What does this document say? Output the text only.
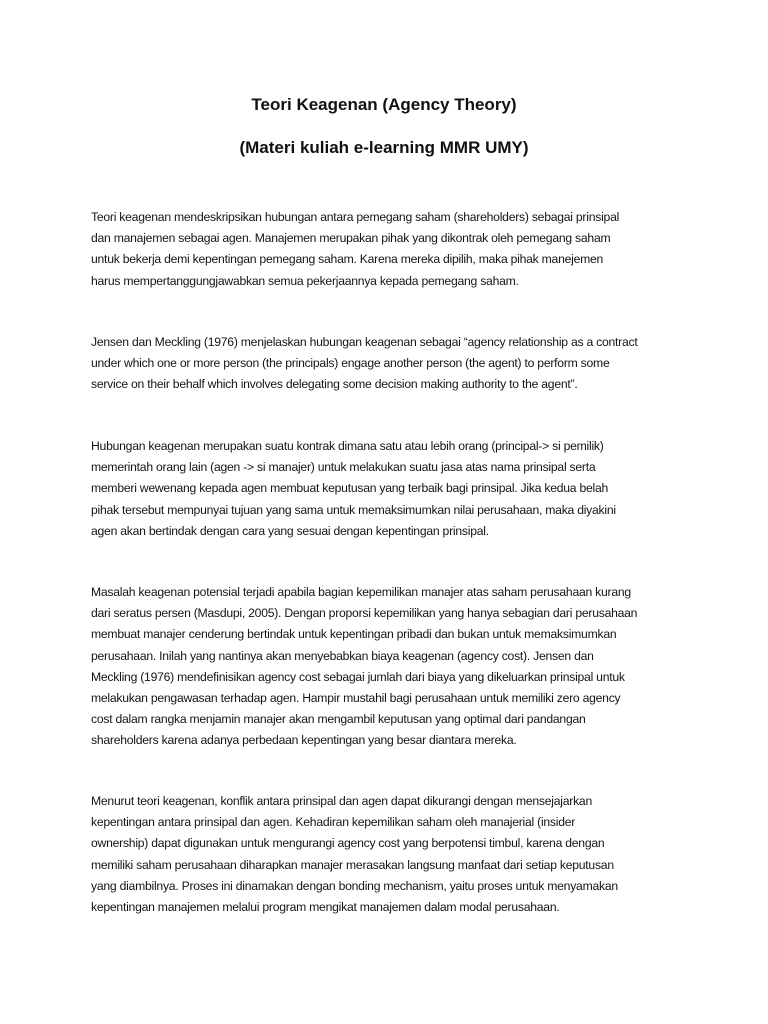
Teori Keagenan (Agency Theory)
(Materi kuliah e-learning MMR UMY)
Teori keagenan mendeskripsikan hubungan antara pemegang saham (shareholders) sebagai prinsipal
dan manajemen sebagai agen. Manajemen merupakan pihak yang dikontrak oleh pemegang saham
untuk bekerja demi kepentingan pemegang saham. Karena mereka dipilih, maka pihak manejemen
harus mempertanggungjawabkan semua pekerjaannya kepada pemegang saham.
Jensen dan Meckling (1976) menjelaskan hubungan keagenan sebagai “agency relationship as a contract
under which one or more person (the principals) engage another person (the agent) to perform some
service on their behalf which involves delegating some decision making authority to the agent”.
Hubungan keagenan merupakan suatu kontrak dimana satu atau lebih orang (principal-> si pemilik)
memerintah orang lain (agen -> si manajer) untuk melakukan suatu jasa atas nama prinsipal serta
memberi wewenang kepada agen membuat keputusan yang terbaik bagi prinsipal. Jika kedua belah
pihak tersebut mempunyai tujuan yang sama untuk memaksimumkan nilai perusahaan, maka diyakini
agen akan bertindak dengan cara yang sesuai dengan kepentingan prinsipal.
Masalah keagenan potensial terjadi apabila bagian kepemilikan manajer atas saham perusahaan kurang
dari seratus persen (Masdupi, 2005). Dengan proporsi kepemilikan yang hanya sebagian dari perusahaan
membuat manajer cenderung bertindak untuk kepentingan pribadi dan bukan untuk memaksimumkan
perusahaan. Inilah yang nantinya akan menyebabkan biaya keagenan (agency cost). Jensen dan
Meckling (1976) mendefinisikan agency cost sebagai jumlah dari biaya yang dikeluarkan prinsipal untuk
melakukan pengawasan terhadap agen. Hampir mustahil bagi perusahaan untuk memiliki zero agency
cost dalam rangka menjamin manajer akan mengambil keputusan yang optimal dari pandangan
shareholders karena adanya perbedaan kepentingan yang besar diantara mereka.
Menurut teori keagenan, konflik antara prinsipal dan agen dapat dikurangi dengan mensejajarkan
kepentingan antara prinsipal dan agen. Kehadiran kepemilikan saham oleh manajerial (insider
ownership) dapat digunakan untuk mengurangi agency cost yang berpotensi timbul, karena dengan
memiliki saham perusahaan diharapkan manajer merasakan langsung manfaat dari setiap keputusan
yang diambilnya. Proses ini dinamakan dengan bonding mechanism, yaitu proses untuk menyamakan
kepentingan manajemen melalui program mengikat manajemen dalam modal perusahaan.
